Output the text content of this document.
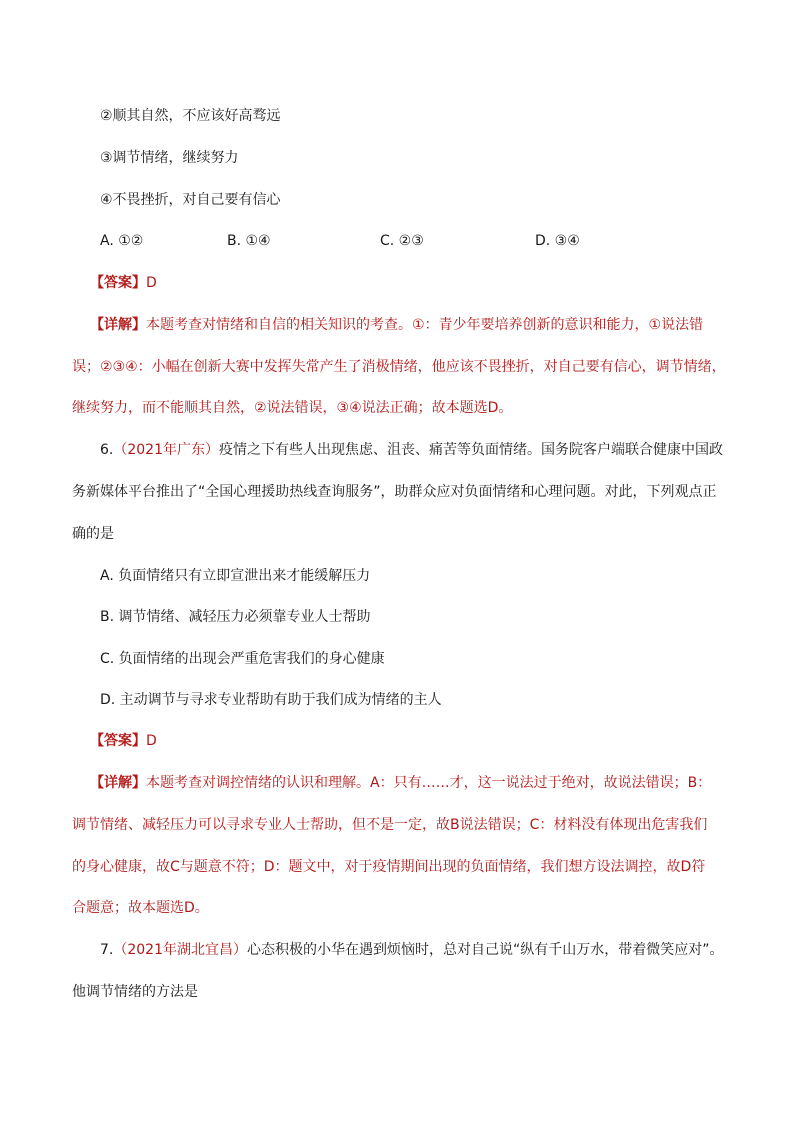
②顺其自然，不应该好高骛远
③调节情绪，继续努力
④不畏挫折，对自己要有信心
A. ①②	B. ①④	C. ②③	D. ③④
【答案】D
【详解】本题考查对情绪和自信的相关知识的考查。①：青少年要培养创新的意识和能力，①说法错
误；②③④：小幅在创新大赛中发挥失常产生了消极情绪，他应该不畏挫折，对自己要有信心，调节情绪，
继续努力，而不能顺其自然，②说法错误，③④说法正确；故本题选D。
6.（2021年广东）疫情之下有些人出现焦虑、沮丧、痛苦等负面情绪。国务院客户端联合健康中国政
务新媒体平台推出了“全国心理援助热线查询服务”，助群众应对负面情绪和心理问题。对此，下列观点正
确的是
A. 负面情绪只有立即宣泄出来才能缓解压力
B. 调节情绪、减轻压力必须靠专业人士帮助
C. 负面情绪的出现会严重危害我们的身心健康
D. 主动调节与寻求专业帮助有助于我们成为情绪的主人
【答案】D
【详解】本题考查对调控情绪的认识和理解。A：只有……才，这一说法过于绝对，故说法错误；B：
调节情绪、减轻压力可以寻求专业人士帮助，但不是一定，故B说法错误；C：材料没有体现出危害我们
的身心健康，故C与题意不符；D：题文中，对于疫情期间出现的负面情绪，我们想方设法调控，故D符
合题意；故本题选D。
7.（2021年湖北宜昌）心态积极的小华在遇到烦恼时，总对自己说“纵有千山万水，带着微笑应对”。
他调节情绪的方法是
